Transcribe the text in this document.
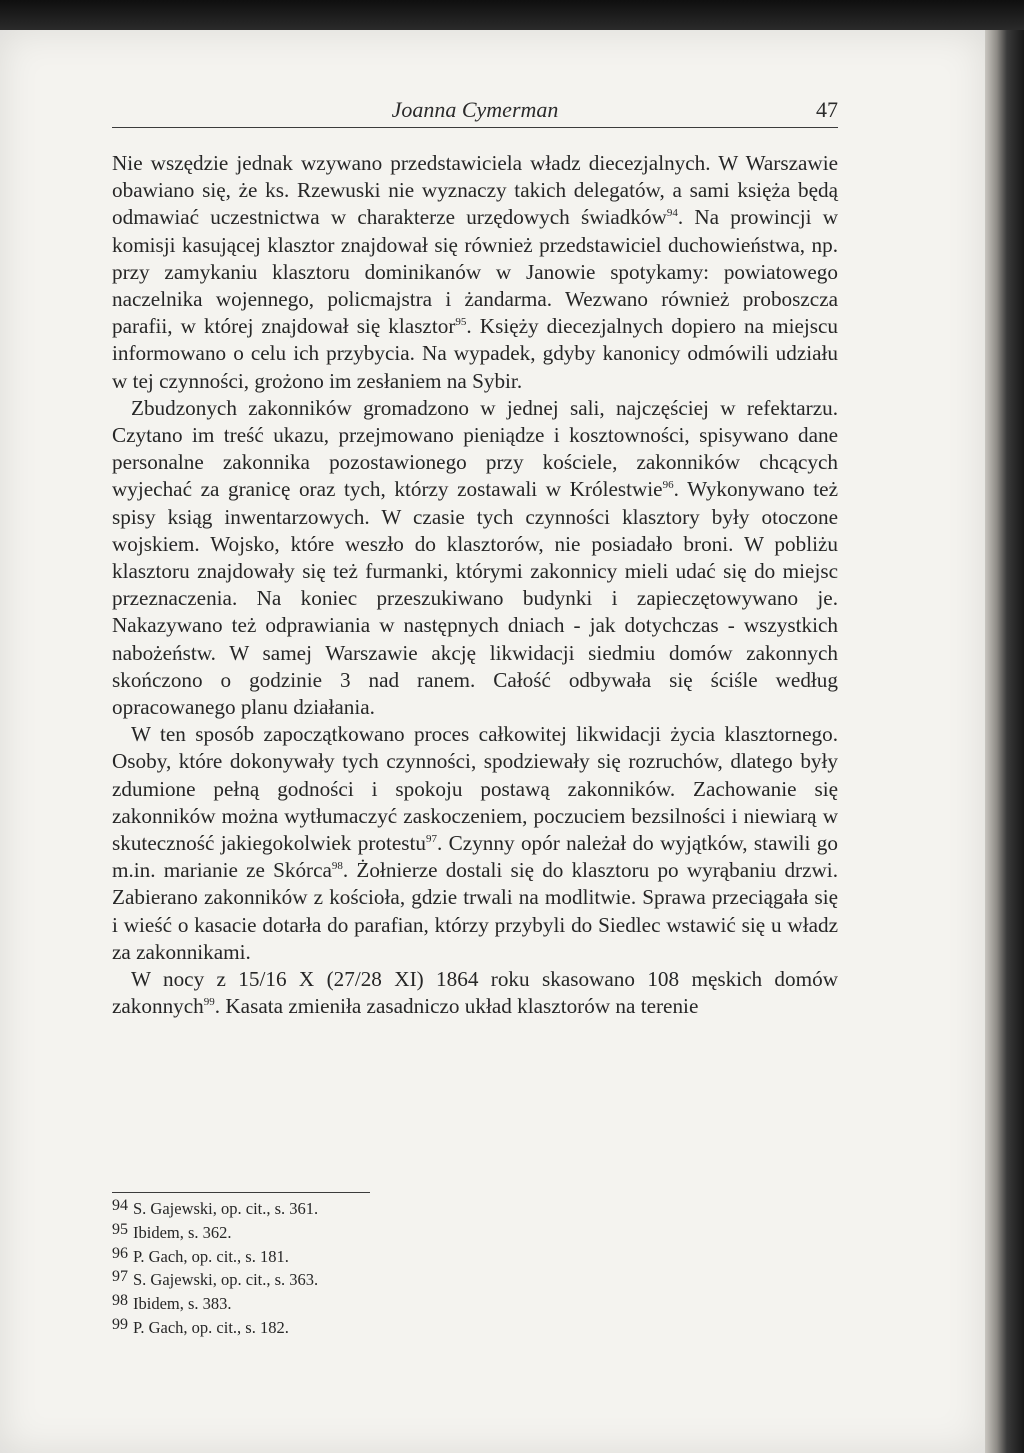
Joanna Cymerman	47

Nie wszędzie jednak wzywano przedstawiciela władz diecezjalnych. W Warszawie obawiano się, że ks. Rzewuski nie wyznaczy takich delegatów, a sami księża będą odmawiać uczestnictwa w charakterze urzędowych świadków$^{94}$. Na prowincji w komisji kasującej klasztor znajdował się również przedstawiciel duchowieństwa, np. przy zamykaniu klasztoru dominikanów w Janowie spotykamy: powiatowego naczelnika wojennego, policmajstra i żandarma. Wezwano również proboszcza parafii, w której znajdował się klasztor$^{95}$. Księży diecezjalnych dopiero na miejscu informowano o celu ich przybycia. Na wypadek, gdyby kanonicy odmówili udziału w tej czynności, grożono im zesłaniem na Sybir.

Zbudzonych zakonników gromadzono w jednej sali, najczęściej w refektarzu. Czytano im treść ukazu, przejmowano pieniądze i kosztowności, spisywano dane personalne zakonnika pozostawionego przy kościele, zakonników chcących wyjechać za granicę oraz tych, którzy zostawali w Królestwie$^{96}$. Wykonywano też spisy ksiąg inwentarzowych. W czasie tych czynności klasztory były otoczone wojskiem. Wojsko, które weszło do klasztorów, nie posiadało broni. W pobliżu klasztoru znajdowały się też furmanki, którymi zakonnicy mieli udać się do miejsc przeznaczenia. Na koniec przeszukiwano budynki i zapieczętowywano je. Nakazywano też odprawiania w następnych dniach - jak dotychczas - wszystkich nabożeństw. W samej Warszawie akcję likwidacji siedmiu domów zakonnych skończono o godzinie 3 nad ranem. Całość odbywała się ściśle według opracowanego planu działania.

W ten sposób zapoczątkowano proces całkowitej likwidacji życia klasztornego. Osoby, które dokonywały tych czynności, spodziewały się rozruchów, dlatego były zdumione pełną godności i spokoju postawą zakonników. Zachowanie się zakonników można wytłumaczyć zaskoczeniem, poczuciem bezsilności i niewiarą w skuteczność jakiegokolwiek protestu$^{97}$. Czynny opór należał do wyjątków, stawili go m.in. marianie ze Skórca$^{98}$. Żołnierze dostali się do klasztoru po wyrąbaniu drzwi. Zabierano zakonników z kościoła, gdzie trwali na modlitwie. Sprawa przeciągała się i wieść o kasacie dotarła do parafian, którzy przybyli do Siedlec wstawić się u władz za zakonnikami.

W nocy z 15/16 X (27/28 XI) 1864 roku skasowano 108 męskich domów zakonnych$^{99}$. Kasata zmieniła zasadniczo układ klasztorów na terenie

94 S. Gajewski, op. cit., s. 361.
95 Ibidem, s. 362.
96 P. Gach, op. cit., s. 181.
97 S. Gajewski, op. cit., s. 363.
98 Ibidem, s. 383.
99 P. Gach, op. cit., s. 182.
